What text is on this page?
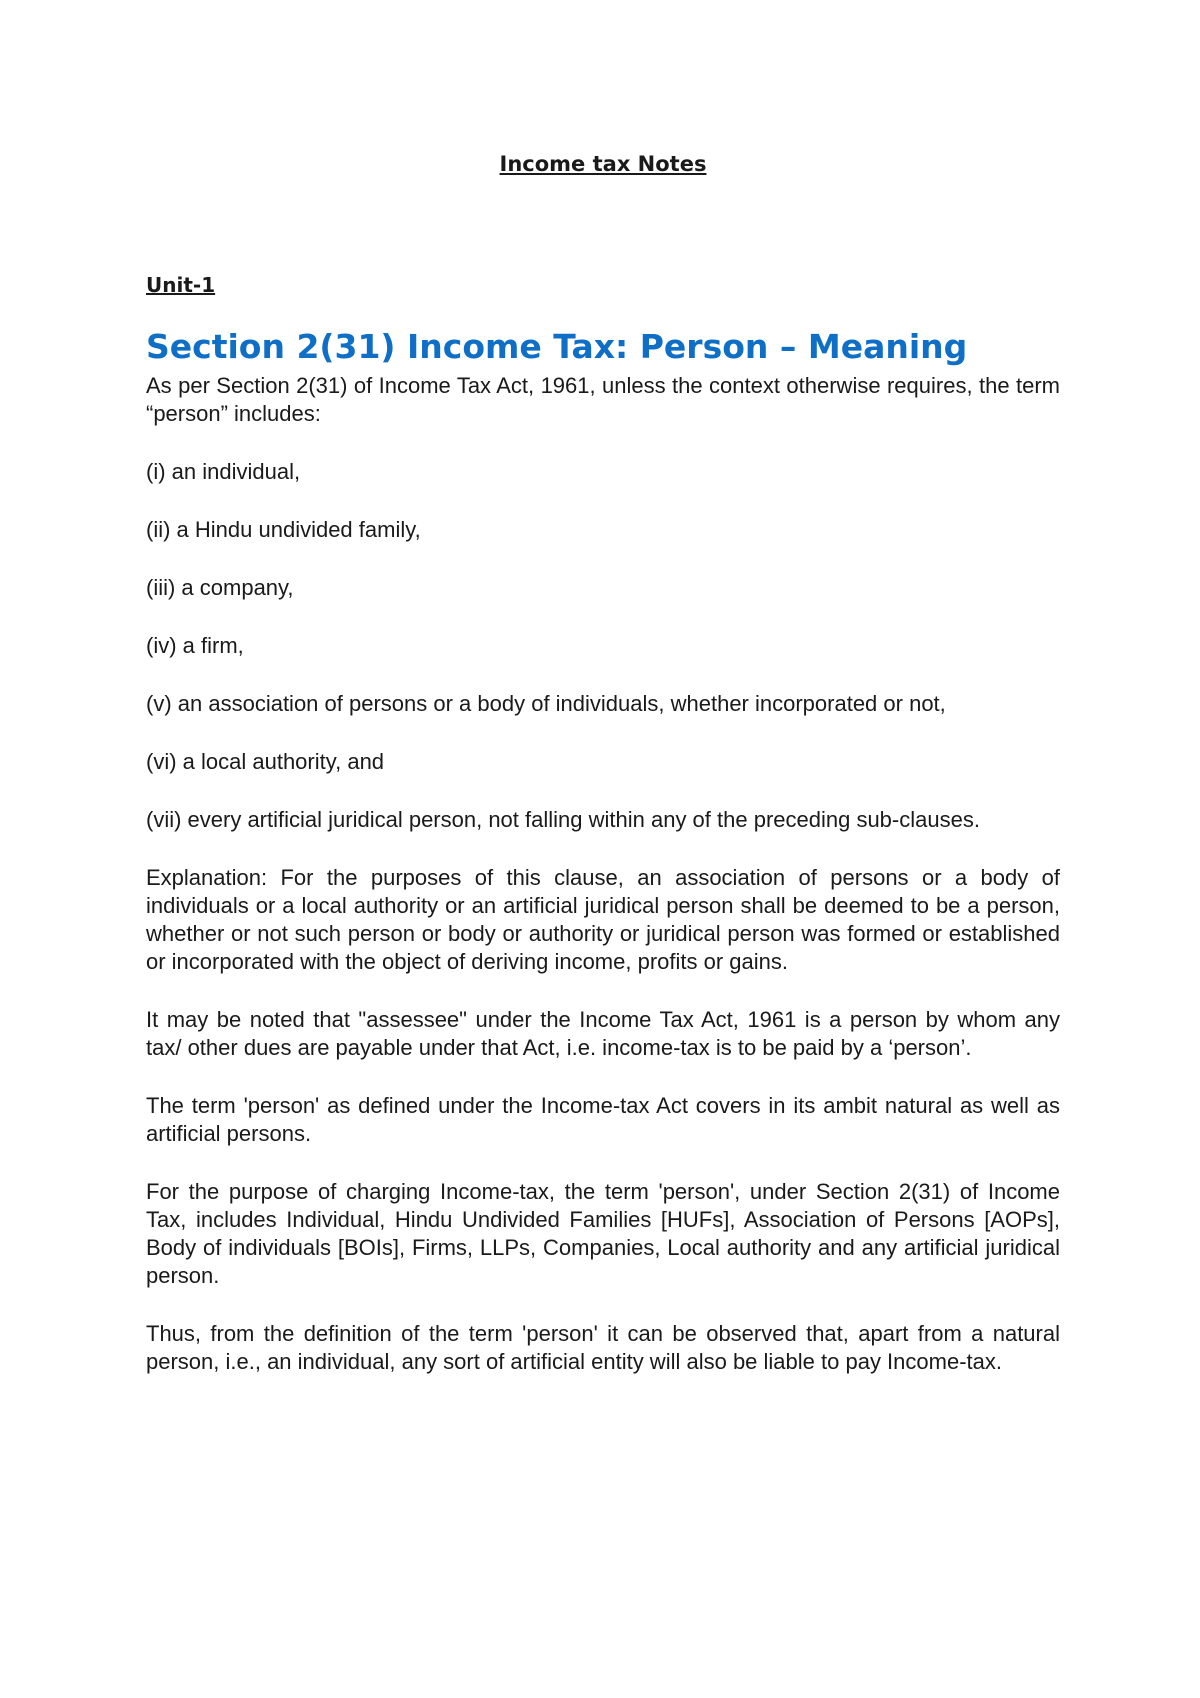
Income tax Notes
Unit-1
Section 2(31) Income Tax: Person – Meaning

As per Section 2(31) of Income Tax Act, 1961, unless the context otherwise requires, the term “person” includes:

(i) an individual,

(ii) a Hindu undivided family,

(iii) a company,

(iv) a firm,

(v) an association of persons or a body of individuals, whether incorporated or not,

(vi) a local authority, and

(vii) every artificial juridical person, not falling within any of the preceding sub-clauses.

Explanation: For the purposes of this clause, an association of persons or a body of individuals or a local authority or an artificial juridical person shall be deemed to be a person, whether or not such person or body or authority or juridical person was formed or established or incorporated with the object of deriving income, profits or gains.

It may be noted that "assessee" under the Income Tax Act, 1961 is a person by whom any tax/ other dues are payable under that Act, i.e. income-tax is to be paid by a ‘person’.

The term 'person' as defined under the Income-tax Act covers in its ambit natural as well as artificial persons.

For the purpose of charging Income-tax, the term 'person', under Section 2(31) of Income Tax, includes Individual, Hindu Undivided Families [HUFs], Association of Persons [AOPs], Body of individuals [BOIs], Firms, LLPs, Companies, Local authority and any artificial juridical person.

Thus, from the definition of the term 'person' it can be observed that, apart from a natural person, i.e., an individual, any sort of artificial entity will also be liable to pay Income-tax.
